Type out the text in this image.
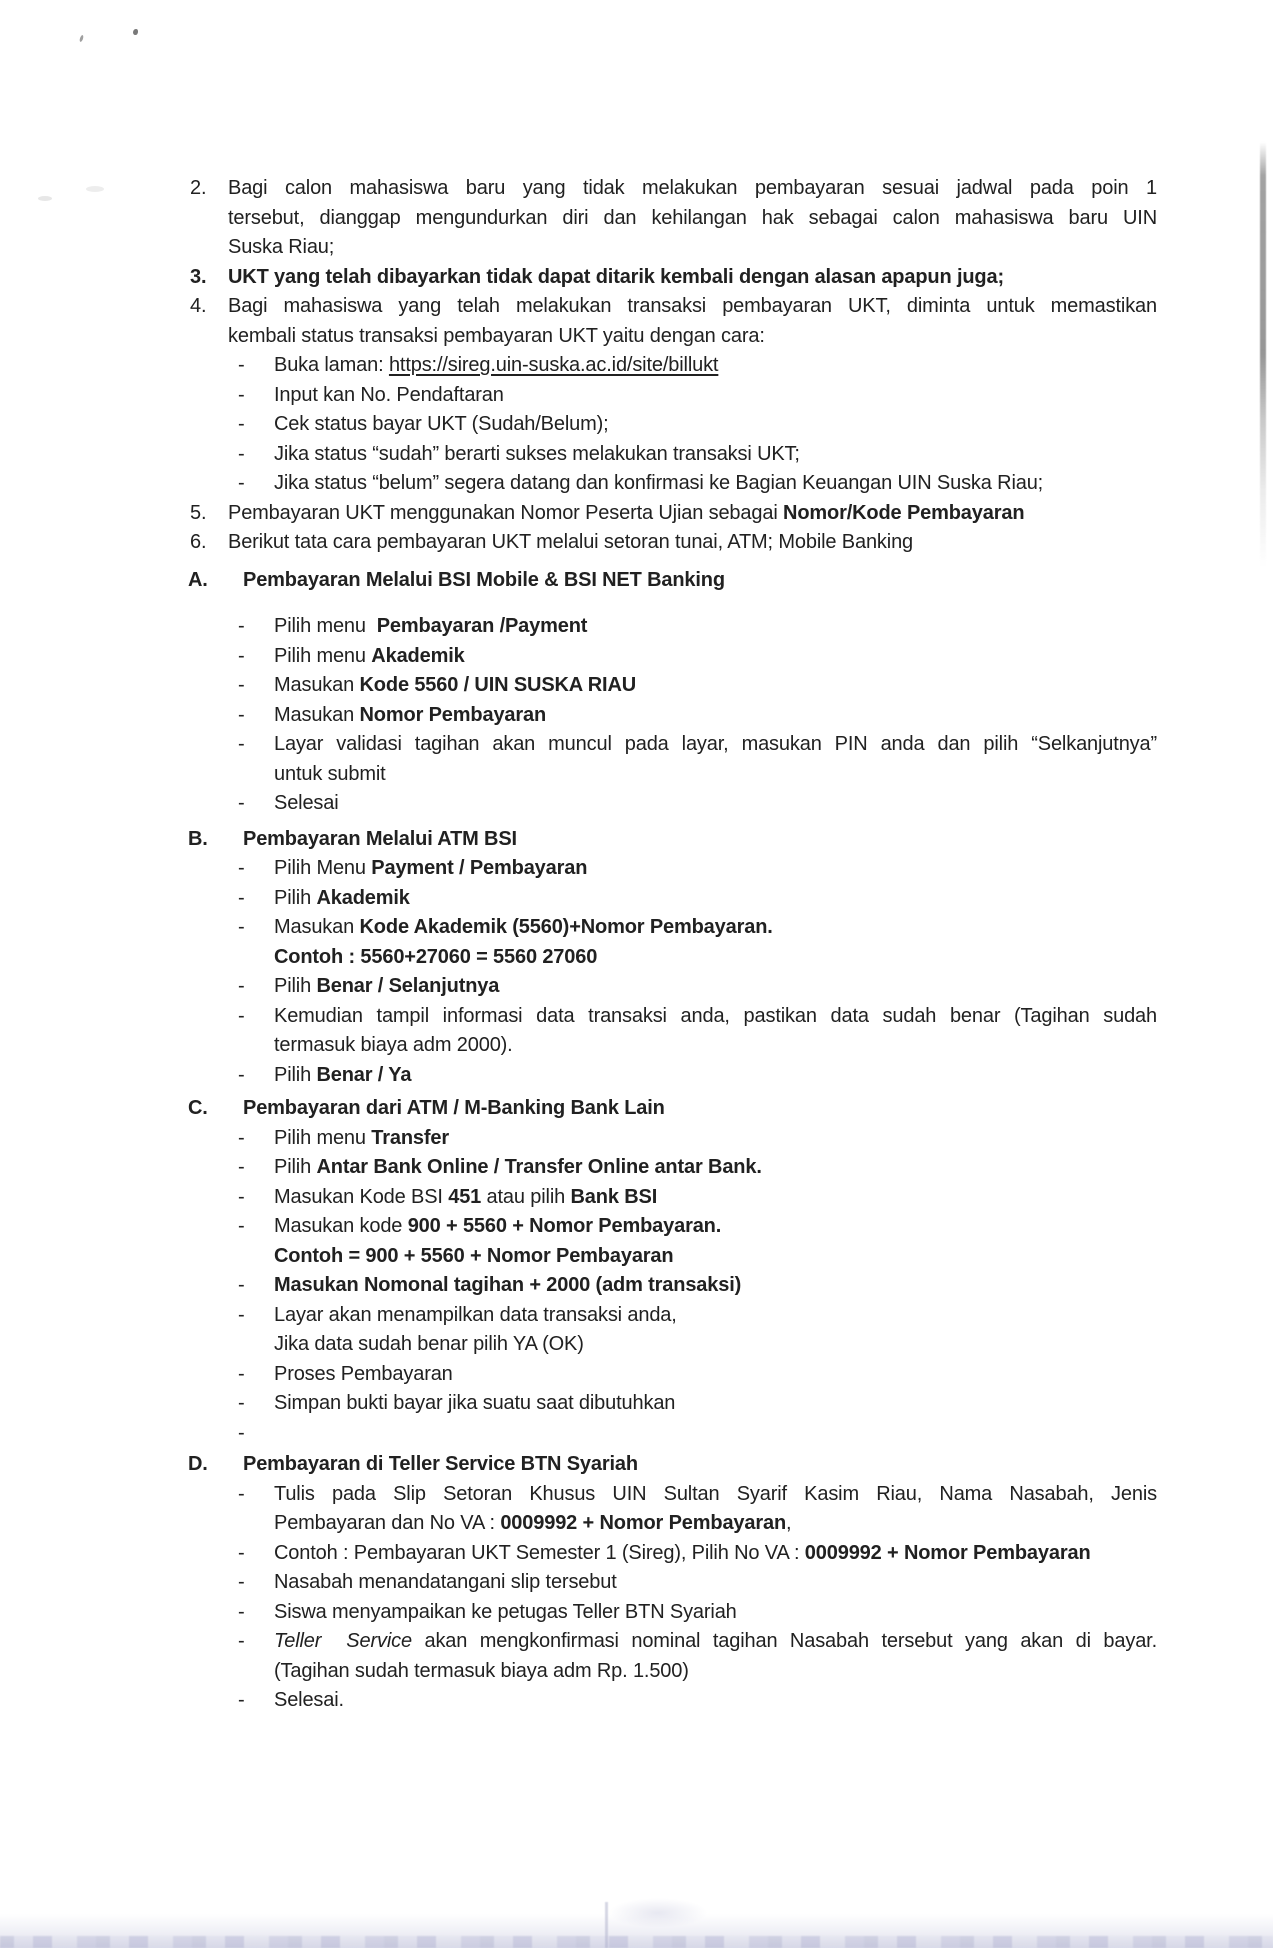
2. Bagi calon mahasiswa baru yang tidak melakukan pembayaran sesuai jadwal pada poin 1
tersebut, dianggap mengundurkan diri dan kehilangan hak sebagai calon mahasiswa baru UIN
Suska Riau;
3. UKT yang telah dibayarkan tidak dapat ditarik kembali dengan alasan apapun juga;
4. Bagi mahasiswa yang telah melakukan transaksi pembayaran UKT, diminta untuk memastikan
kembali status transaksi pembayaran UKT yaitu dengan cara:
- Buka laman: https://sireg.uin-suska.ac.id/site/billukt
- Input kan No. Pendaftaran
- Cek status bayar UKT (Sudah/Belum);
- Jika status “sudah” berarti sukses melakukan transaksi UKT;
- Jika status “belum” segera datang dan konfirmasi ke Bagian Keuangan UIN Suska Riau;
5. Pembayaran UKT menggunakan Nomor Peserta Ujian sebagai Nomor/Kode Pembayaran
6. Berikut tata cara pembayaran UKT melalui setoran tunai, ATM; Mobile Banking
A. Pembayaran Melalui BSI Mobile & BSI NET Banking
- Pilih menu  Pembayaran /Payment
- Pilih menu Akademik
- Masukan Kode 5560 / UIN SUSKA RIAU
- Masukan Nomor Pembayaran
- Layar validasi tagihan akan muncul pada layar, masukan PIN anda dan pilih “Selkanjutnya”
untuk submit
- Selesai
B. Pembayaran Melalui ATM BSI
- Pilih Menu Payment / Pembayaran
- Pilih Akademik
- Masukan Kode Akademik (5560)+Nomor Pembayaran.
Contoh : 5560+27060 = 5560 27060
- Pilih Benar / Selanjutnya
- Kemudian tampil informasi data transaksi anda, pastikan data sudah benar (Tagihan sudah
termasuk biaya adm 2000).
- Pilih Benar / Ya
C. Pembayaran dari ATM / M-Banking Bank Lain
- Pilih menu Transfer
- Pilih Antar Bank Online / Transfer Online antar Bank.
- Masukan Kode BSI 451 atau pilih Bank BSI
- Masukan kode 900 + 5560 + Nomor Pembayaran.
Contoh = 900 + 5560 + Nomor Pembayaran
- Masukan Nomonal tagihan + 2000 (adm transaksi)
- Layar akan menampilkan data transaksi anda,
Jika data sudah benar pilih YA (OK)
- Proses Pembayaran
- Simpan bukti bayar jika suatu saat dibutuhkan
-
D. Pembayaran di Teller Service BTN Syariah
- Tulis pada Slip Setoran Khusus UIN Sultan Syarif Kasim Riau, Nama Nasabah, Jenis
Pembayaran dan No VA : 0009992 + Nomor Pembayaran,
- Contoh : Pembayaran UKT Semester 1 (Sireg), Pilih No VA : 0009992 + Nomor Pembayaran
- Nasabah menandatangani slip tersebut
- Siswa menyampaikan ke petugas Teller BTN Syariah
- Teller  Service akan mengkonfirmasi nominal tagihan Nasabah tersebut yang akan di bayar.
(Tagihan sudah termasuk biaya adm Rp. 1.500)
- Selesai.
